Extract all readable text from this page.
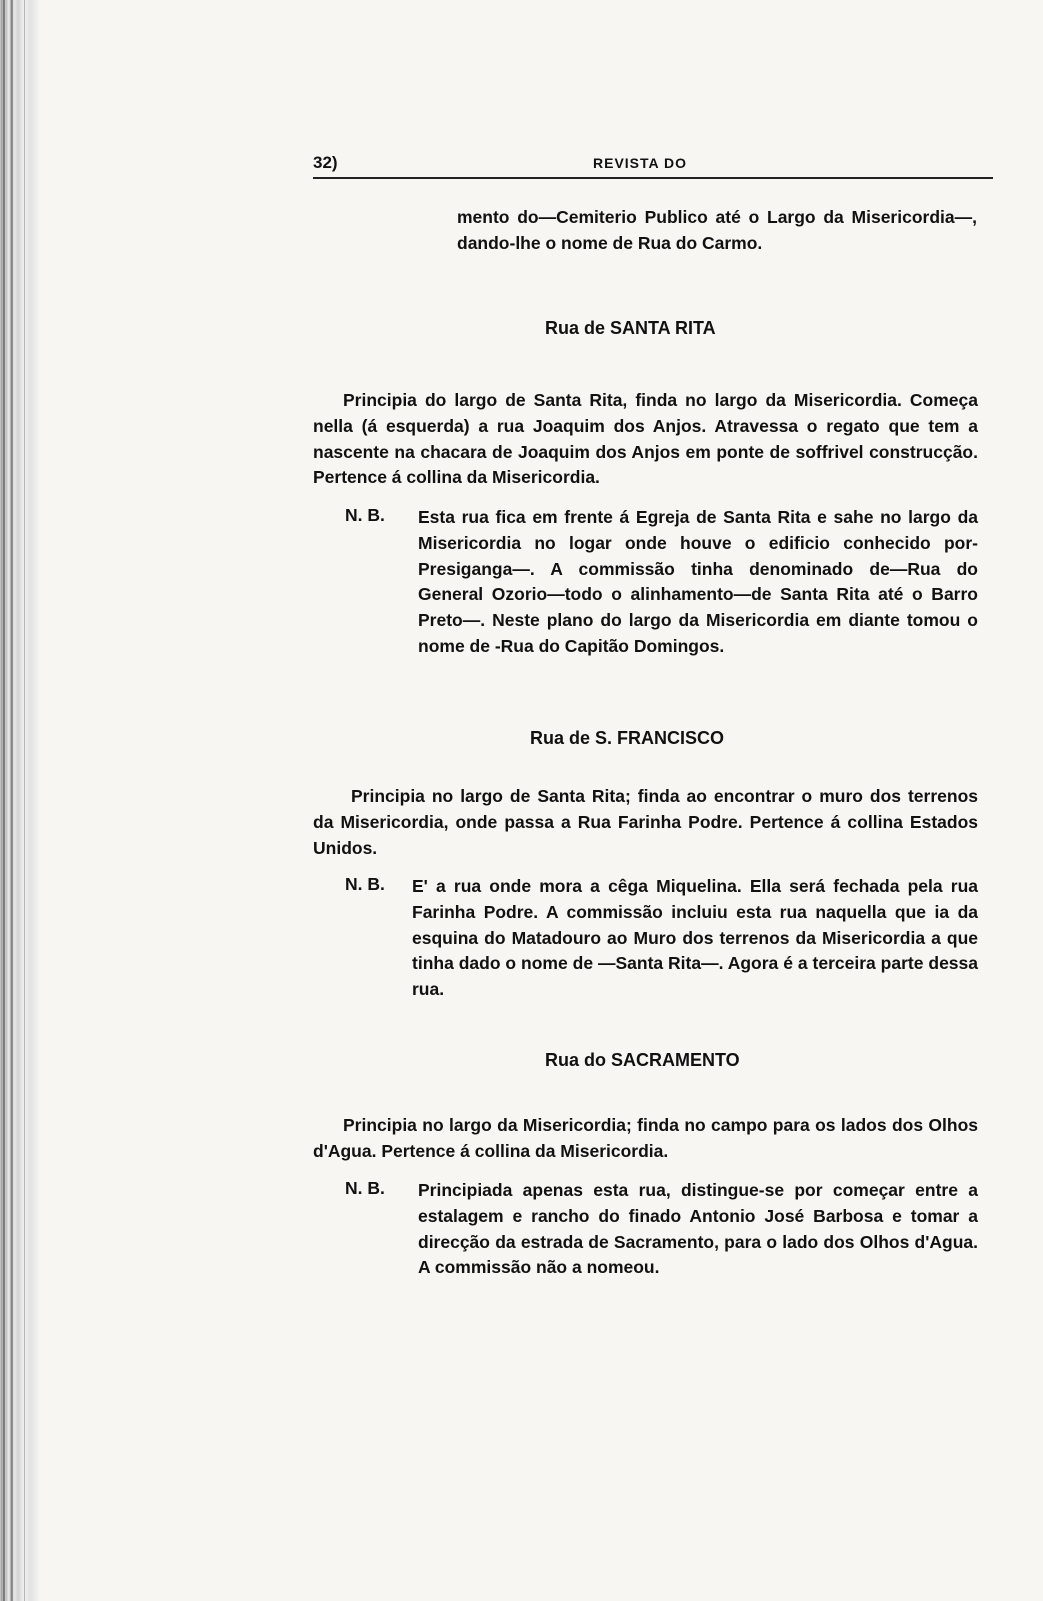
32)	REVISTA DO

mento do—Cemiterio Publico até o Largo da Misericordia—, dando-lhe o nome de Rua do Carmo.

Rua de SANTA RITA

Principia do largo de Santa Rita, finda no largo da Misericordia. Começa nella (á esquerda) a rua Joaquim dos Anjos. Atravessa o regato que tem a nascente na chacara de Joaquim dos Anjos em ponte de soffrivel construcção. Pertence á collina da Misericordia.

N. B. Esta rua fica em frente á Egreja de Santa Rita e sahe no largo da Misericordia no logar onde houve o edificio conhecido por-Presiganga—. A commissão tinha denominado de—Rua do General Ozorio—todo o alinhamento—de Santa Rita até o Barro Preto—. Neste plano do largo da Misericordia em diante tomou o nome de -Rua do Capitão Domingos.

Rua de S. FRANCISCO

Principia no largo de Santa Rita; finda ao encontrar o muro dos terrenos da Misericordia, onde passa a Rua Farinha Podre. Pertence á collina Estados Unidos.

N. B. E' a rua onde mora a cêga Miquelina. Ella será fechada pela rua Farinha Podre. A commissão incluiu esta rua naquella que ia da esquina do Matadouro ao Muro dos terrenos da Misericordia a que tinha dado o nome de —Santa Rita—. Agora é a terceira parte dessa rua.

Rua do SACRAMENTO

Principia no largo da Misericordia; finda no campo para os lados dos Olhos d'Agua. Pertence á collina da Misericordia.

N. B. Principiada apenas esta rua, distingue-se por começar entre a estalagem e rancho do finado Antonio José Barbosa e tomar a direcção da estrada de Sacramento, para o lado dos Olhos d'Agua. A commissão não a nomeou.
